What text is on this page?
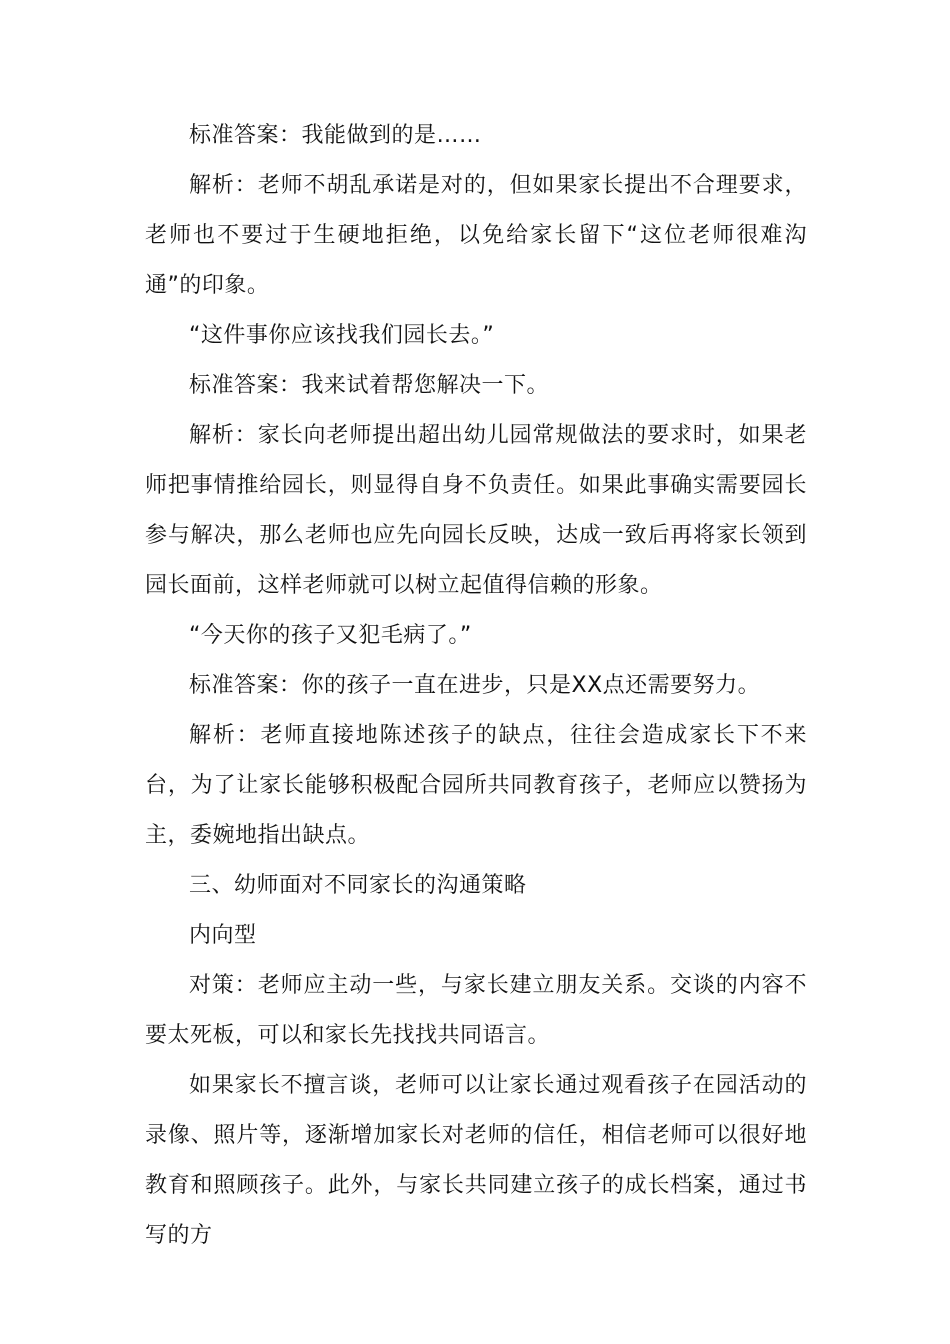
标准答案：我能做到的是……

解析：老师不胡乱承诺是对的，但如果家长提出不合理要求，老师也不要过于生硬地拒绝，以免给家长留下“这位老师很难沟通”的印象。

“这件事你应该找我们园长去。”

标准答案：我来试着帮您解决一下。

解析：家长向老师提出超出幼儿园常规做法的要求时，如果老师把事情推给园长，则显得自身不负责任。如果此事确实需要园长参与解决，那么老师也应先向园长反映，达成一致后再将家长领到园长面前，这样老师就可以树立起值得信赖的形象。

“今天你的孩子又犯毛病了。”

标准答案：你的孩子一直在进步，只是XX点还需要努力。

解析：老师直接地陈述孩子的缺点，往往会造成家长下不来台，为了让家长能够积极配合园所共同教育孩子，老师应以赞扬为主，委婉地指出缺点。

三、幼师面对不同家长的沟通策略

内向型

对策：老师应主动一些，与家长建立朋友关系。交谈的内容不要太死板，可以和家长先找找共同语言。

如果家长不擅言谈，老师可以让家长通过观看孩子在园活动的录像、照片等，逐渐增加家长对老师的信任，相信老师可以很好地教育和照顾孩子。此外，与家长共同建立孩子的成长档案，通过书写的方
